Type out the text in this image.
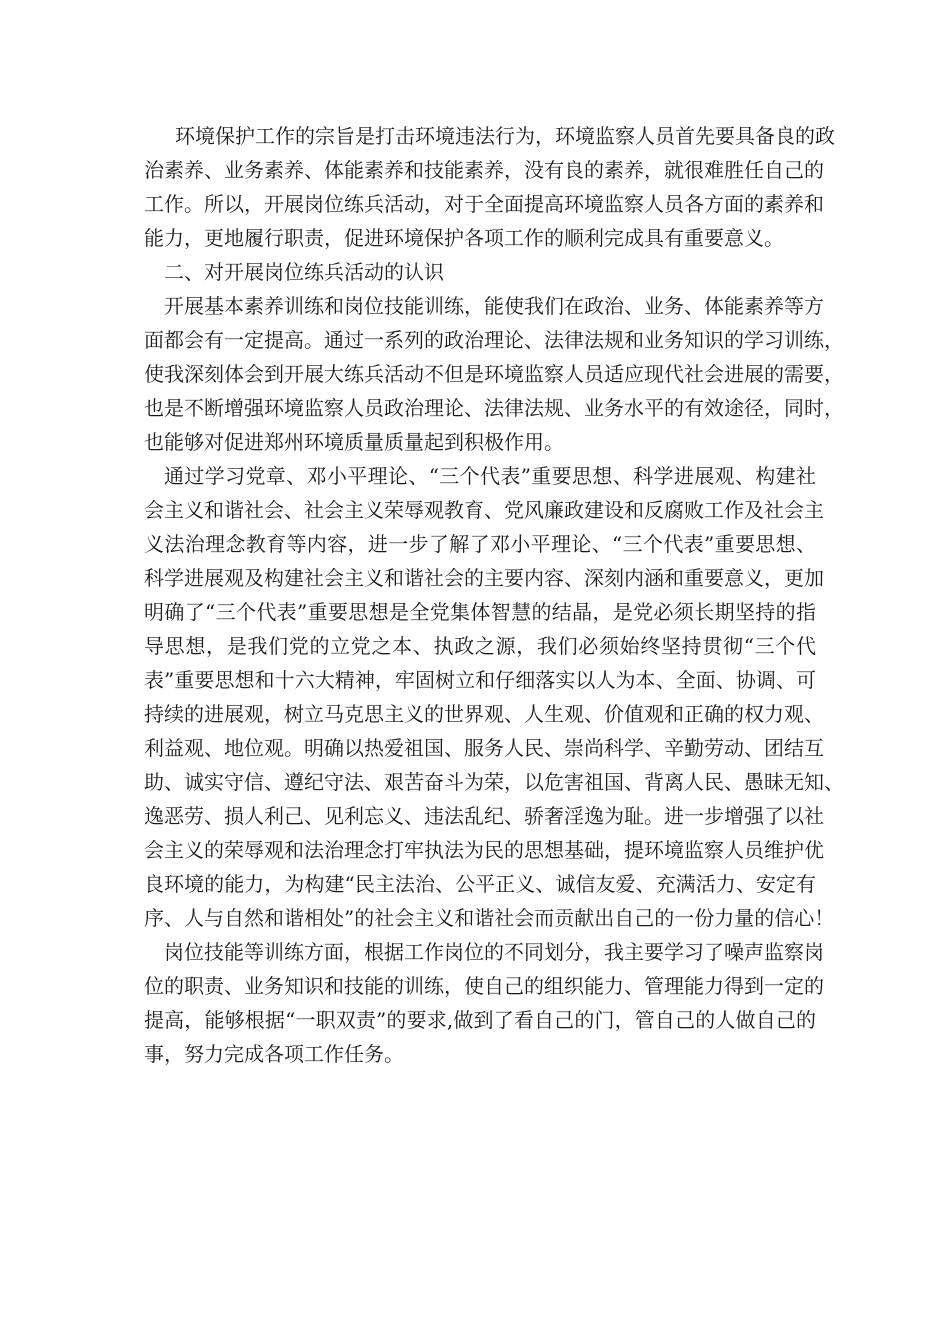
环境保护工作的宗旨是打击环境违法行为，环境监察人员首先要具备良的政
治素养、业务素养、体能素养和技能素养，没有良的素养，就很难胜任自己的
工作。所以，开展岗位练兵活动，对于全面提高环境监察人员各方面的素养和
能力，更地履行职责，促进环境保护各项工作的顺利完成具有重要意义。
二、对开展岗位练兵活动的认识
开展基本素养训练和岗位技能训练，能使我们在政治、业务、体能素养等方
面都会有一定提高。通过一系列的政治理论、法律法规和业务知识的学习训练，
使我深刻体会到开展大练兵活动不但是环境监察人员适应现代社会进展的需要，
也是不断增强环境监察人员政治理论、法律法规、业务水平的有效途径，同时，
也能够对促进郑州环境质量质量起到积极作用。
通过学习党章、邓小平理论、“三个代表”重要思想、科学进展观、构建社
会主义和谐社会、社会主义荣辱观教育、党风廉政建设和反腐败工作及社会主
义法治理念教育等内容，进一步了解了邓小平理论、“三个代表”重要思想、
科学进展观及构建社会主义和谐社会的主要内容、深刻内涵和重要意义，更加
明确了“三个代表”重要思想是全党集体智慧的结晶，是党必须长期坚持的指
导思想，是我们党的立党之本、执政之源，我们必须始终坚持贯彻“三个代
表”重要思想和十六大精神，牢固树立和仔细落实以人为本、全面、协调、可
持续的进展观，树立马克思主义的世界观、人生观、价值观和正确的权力观、
利益观、地位观。明确以热爱祖国、服务人民、崇尚科学、辛勤劳动、团结互
助、诚实守信、遵纪守法、艰苦奋斗为荣，以危害祖国、背离人民、愚昧无知、
逸恶劳、损人利己、见利忘义、违法乱纪、骄奢淫逸为耻。进一步增强了以社
会主义的荣辱观和法治理念打牢执法为民的思想基础，提环境监察人员维护优
良环境的能力，为构建“民主法治、公平正义、诚信友爱、充满活力、安定有
序、人与自然和谐相处”的社会主义和谐社会而贡献出自己的一份力量的信心！
岗位技能等训练方面，根据工作岗位的不同划分，我主要学习了噪声监察岗
位的职责、业务知识和技能的训练，使自己的组织能力、管理能力得到一定的
提高，能够根据“一职双责”的要求,做到了看自己的门，管自己的人做自己的
事，努力完成各项工作任务。
